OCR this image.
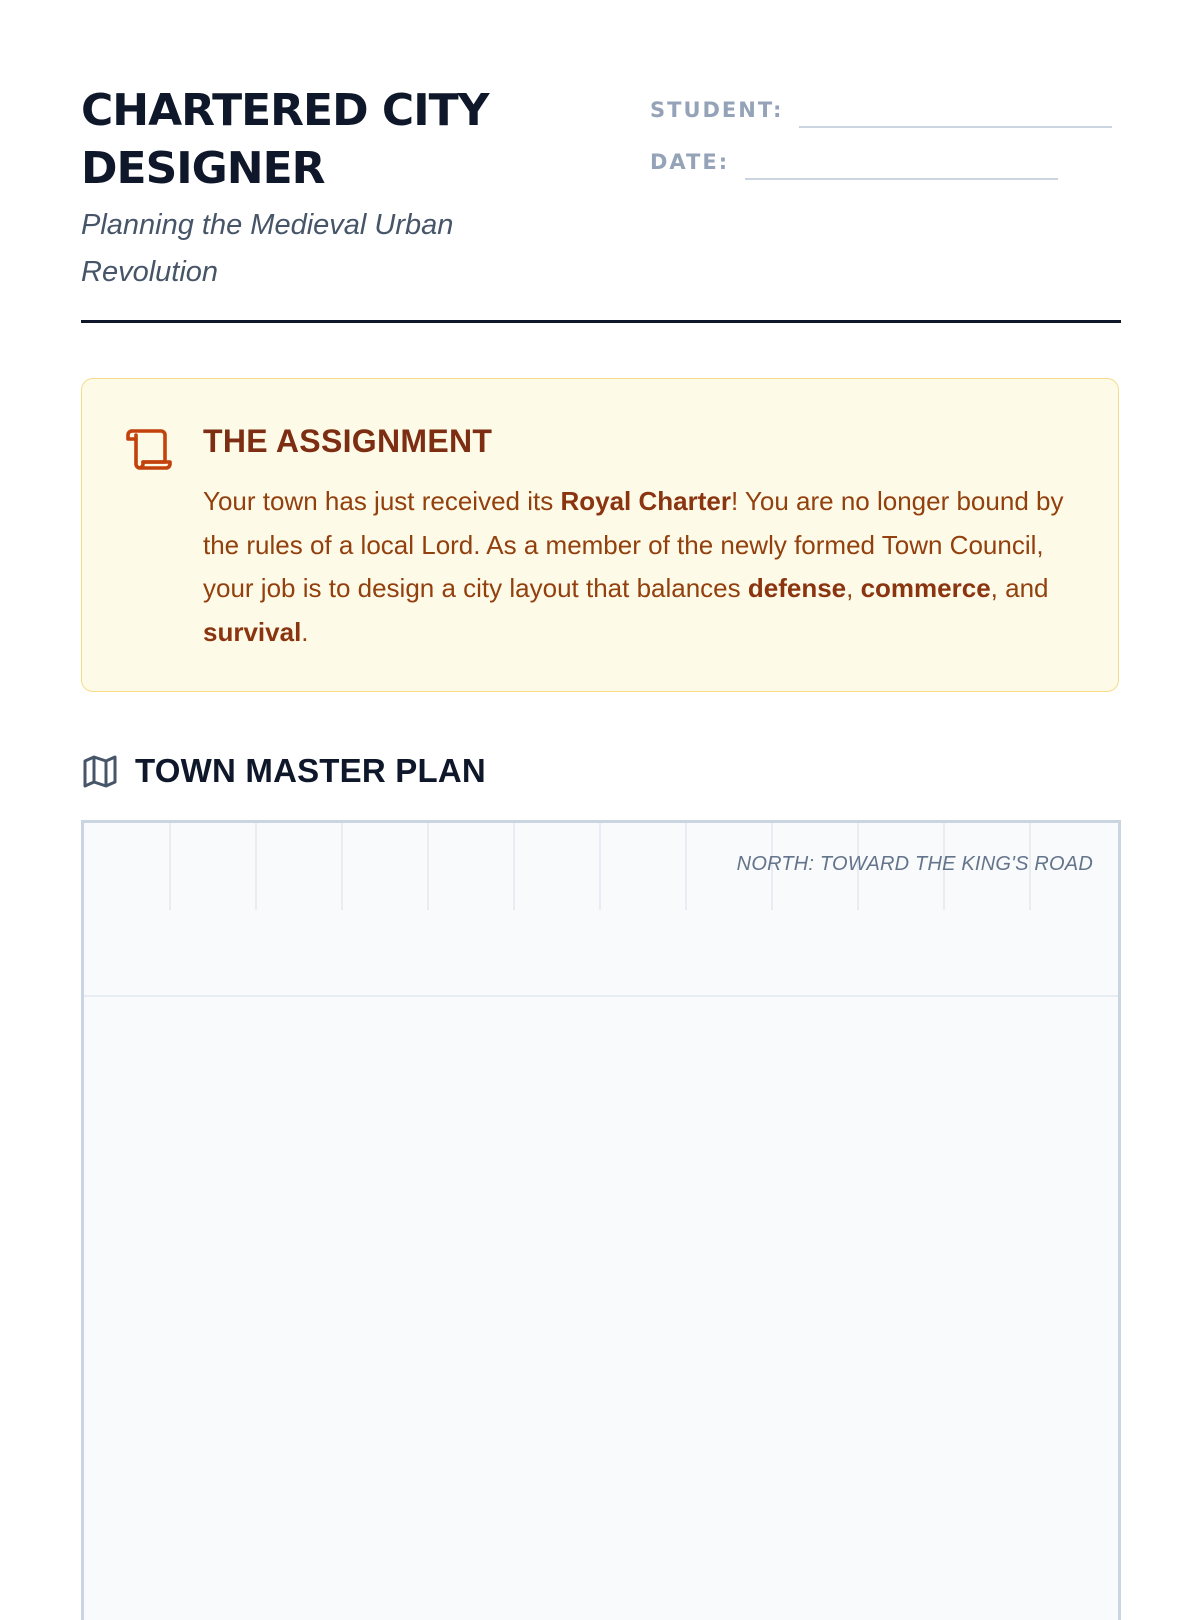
CHARTERED CITY DESIGNER
Planning the Medieval Urban Revolution
STUDENT:
DATE:
THE ASSIGNMENT

Your town has just received its Royal Charter! You are no longer bound by the rules of a local Lord. As a member of the newly formed Town Council, your job is to design a city layout that balances defense, commerce, and survival.

TOWN MASTER PLAN
NORTH: TOWARD THE KING'S ROAD
